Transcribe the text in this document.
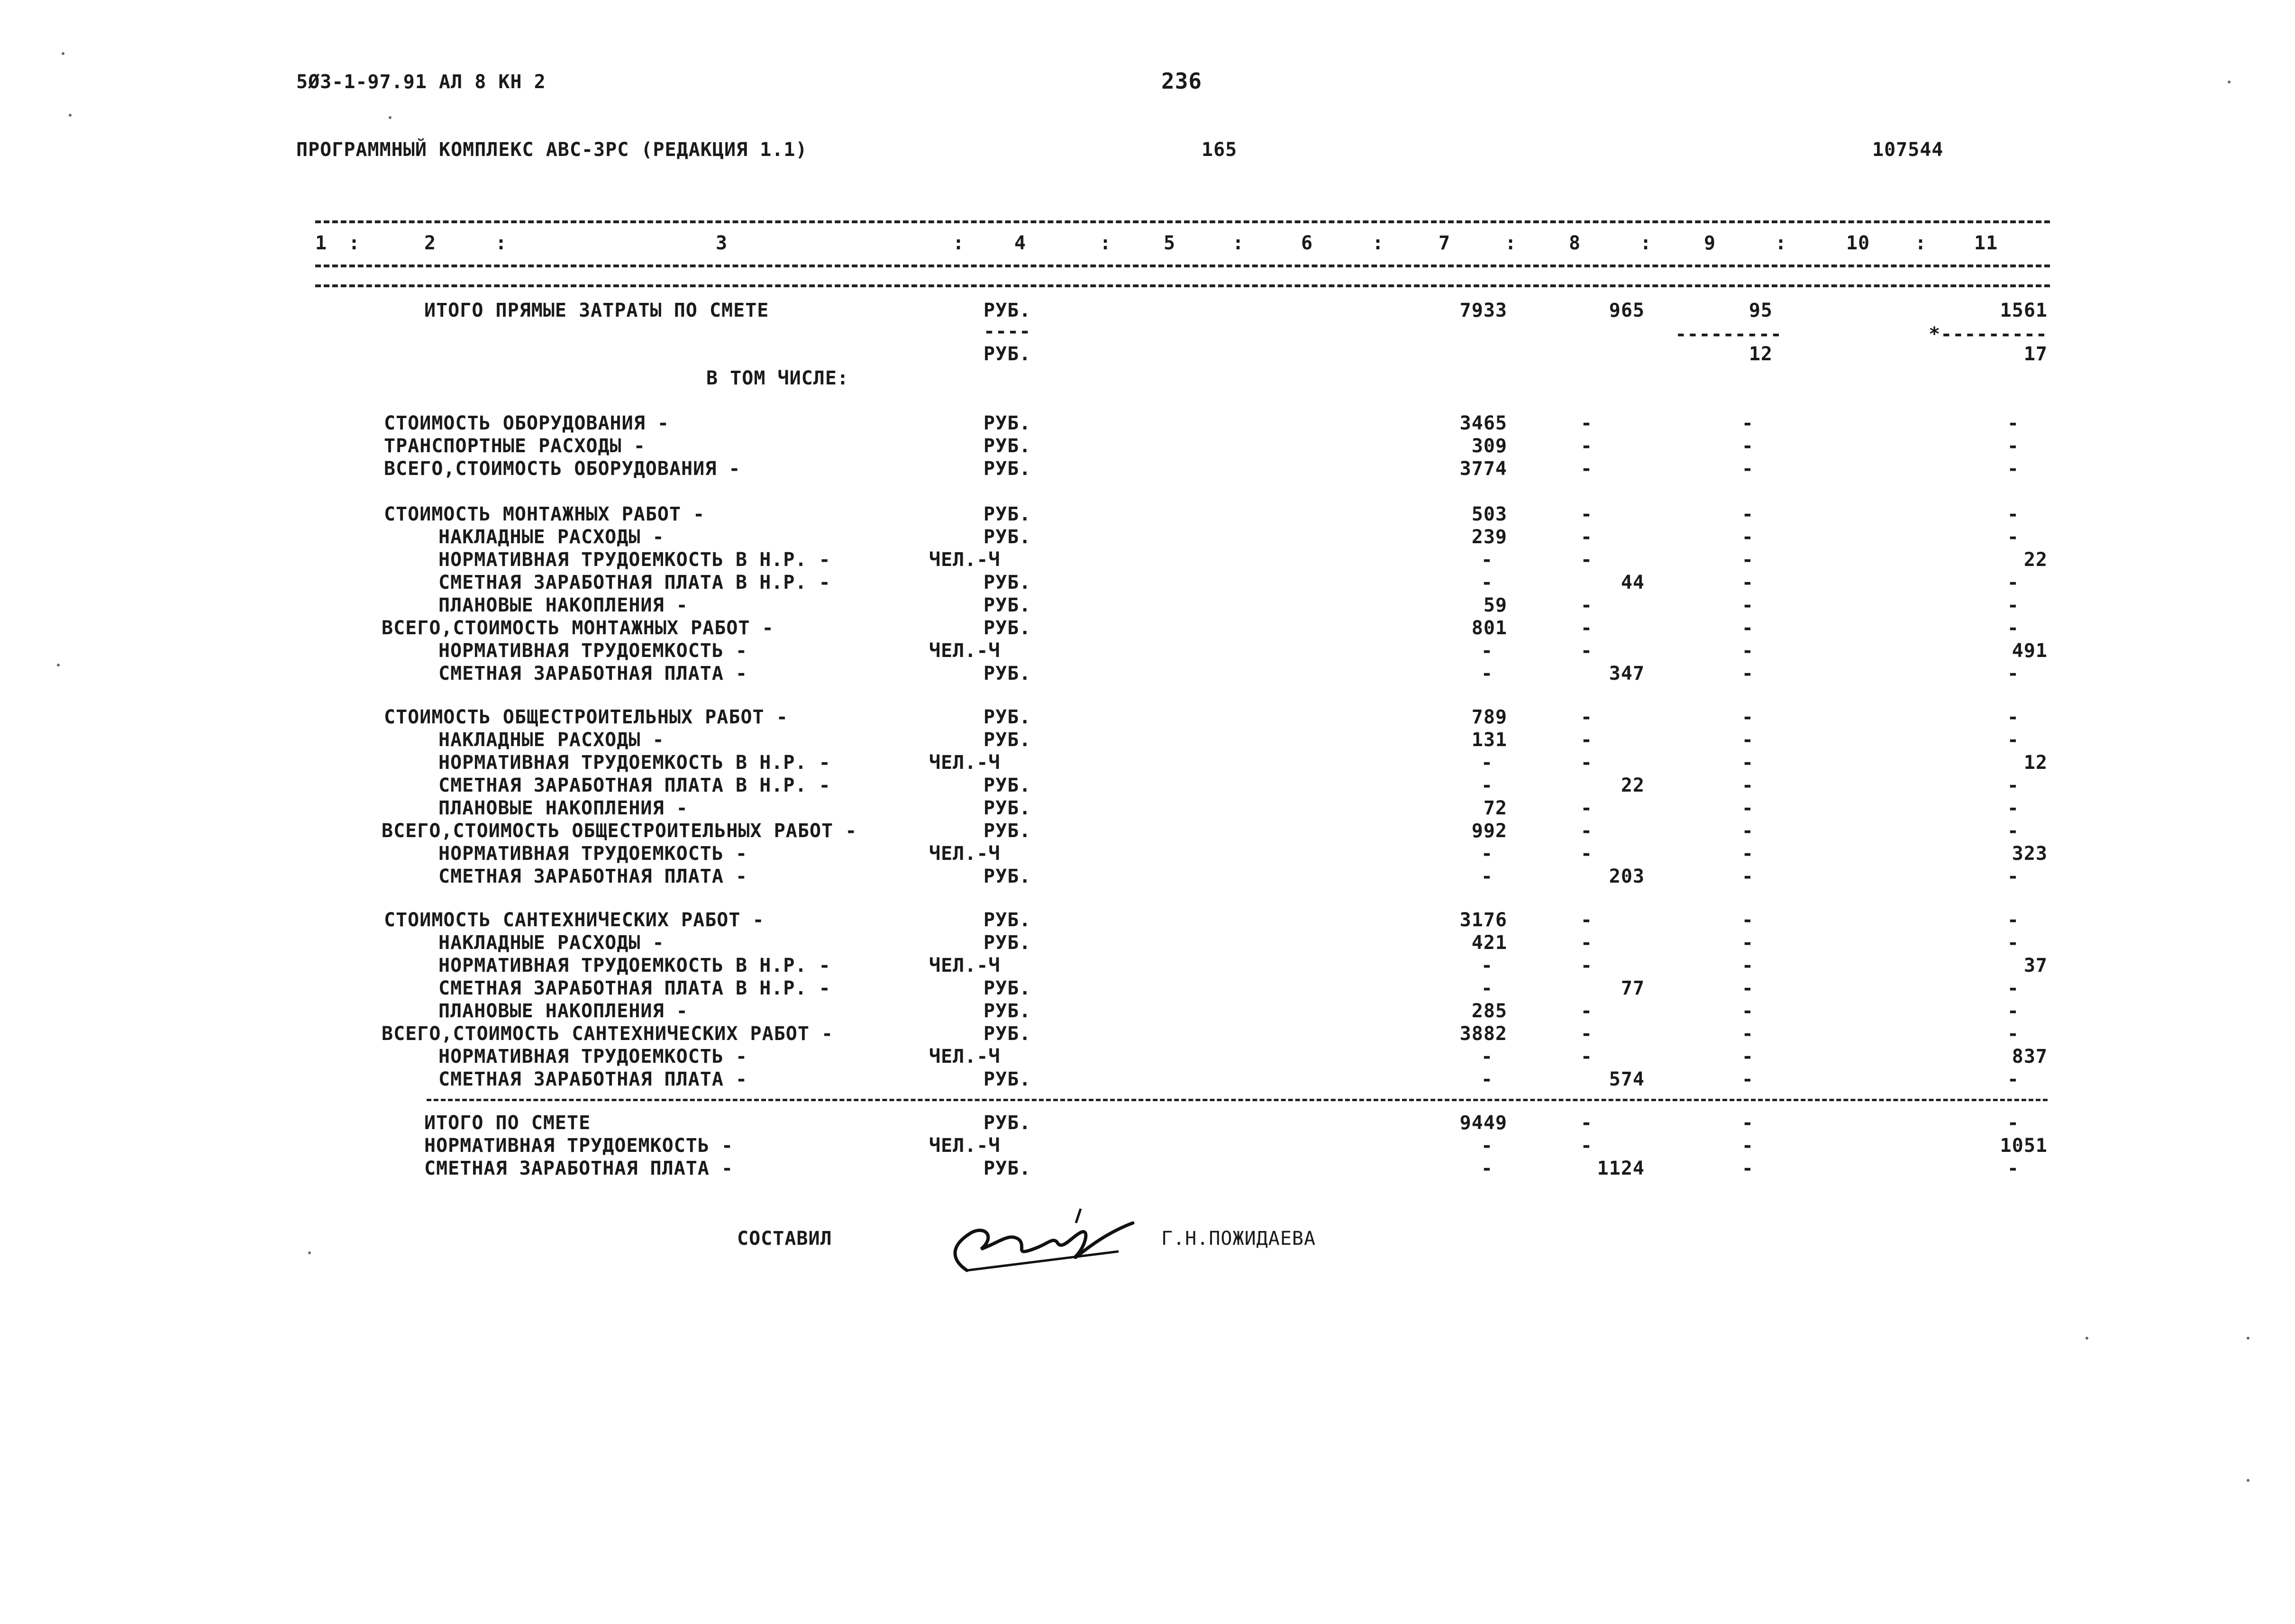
5Ø3-1-97.91 АЛ 8 КН 2	236
ПРОГРАММНЫЙ КОМПЛЕКС АВС-3РС (РЕДАКЦИЯ 1.1)	165	107544
СОСТАВИЛ	Г.Н.ПОЖИДАЕВА
1 :	2	:	3	:	4	:	5	:	6	:	7	:	8	:	9	:	10 : 11
ИТОГО ПРЯМЫЕ ЗАТРАТЫ ПО СМЕТЕ	РУБ.	7933	965	95	1561
----	---------	*---------
РУБ.	12	17
В ТОМ ЧИСЛЕ:
СТОИМОСТЬ ОБОРУДОВАНИЯ -	РУБ.	3465	-	-	-
ТРАНСПОРТНЫЕ РАСХОДЫ -	РУБ.	309	-	-	-
ВСЕГО,СТОИМОСТЬ ОБОРУДОВАНИЯ -	РУБ.	3774	-	-	-
СТОИМОСТЬ МОНТАЖНЫХ РАБОТ -	РУБ.	503	-	-	-
НАКЛАДНЫЕ РАСХОДЫ -	РУБ.	239	-	-	-
НОРМАТИВНАЯ ТРУДОЕМКОСТЬ В Н.Р. -	ЧЕЛ.-Ч	-	-	-	22
СМЕТНАЯ ЗАРАБОТНАЯ ПЛАТА В Н.Р. -	РУБ.	-	44	-	-
ПЛАНОВЫЕ НАКОПЛЕНИЯ -	РУБ.	59	-	-	-
ВСЕГО,СТОИМОСТЬ МОНТАЖНЫХ РАБОТ -	РУБ.	801	-	-	-
НОРМАТИВНАЯ ТРУДОЕМКОСТЬ -	ЧЕЛ.-Ч	-	-	-	491
СМЕТНАЯ ЗАРАБОТНАЯ ПЛАТА -	РУБ.	-	347	-	-
СТОИМОСТЬ ОБЩЕСТРОИТЕЛЬНЫХ РАБОТ -	РУБ.	789	-	-	-
НАКЛАДНЫЕ РАСХОДЫ -	РУБ.	131	-	-	-
НОРМАТИВНАЯ ТРУДОЕМКОСТЬ В Н.Р. -	ЧЕЛ.-Ч	-	-	-	12
СМЕТНАЯ ЗАРАБОТНАЯ ПЛАТА В Н.Р. -	РУБ.	-	22	-	-
ПЛАНОВЫЕ НАКОПЛЕНИЯ -	РУБ.	72	-	-	-
ВСЕГО,СТОИМОСТЬ ОБЩЕСТРОИТЕЛЬНЫХ РАБОТ -	РУБ.	992	-	-	-
НОРМАТИВНАЯ ТРУДОЕМКОСТЬ -	ЧЕЛ.-Ч	-	-	-	323
СМЕТНАЯ ЗАРАБОТНАЯ ПЛАТА -	РУБ.	-	203	-	-
СТОИМОСТЬ САНТЕХНИЧЕСКИХ РАБОТ -	РУБ.	3176	-	-	-
НАКЛАДНЫЕ РАСХОДЫ -	РУБ.	421	-	-	-
НОРМАТИВНАЯ ТРУДОЕМКОСТЬ В Н.Р. -	ЧЕЛ.-Ч	-	-	-	37
СМЕТНАЯ ЗАРАБОТНАЯ ПЛАТА В Н.Р. -	РУБ.	-	77	-	-
ПЛАНОВЫЕ НАКОПЛЕНИЯ -	РУБ.	285	-	-	-
ВСЕГО,СТОИМОСТЬ САНТЕХНИЧЕСКИХ РАБОТ -	РУБ.	3882	-	-	-
НОРМАТИВНАЯ ТРУДОЕМКОСТЬ -	ЧЕЛ.-Ч	-	-	-	837
СМЕТНАЯ ЗАРАБОТНАЯ ПЛАТА -	РУБ.	-	574	-	-
ИТОГО ПО СМЕТЕ	РУБ.	9449	-	-	-
НОРМАТИВНАЯ ТРУДОЕМКОСТЬ -	ЧЕЛ.-Ч	-	-	-	1051
СМЕТНАЯ ЗАРАБОТНАЯ ПЛАТА -	РУБ.	-	1124	-	-
